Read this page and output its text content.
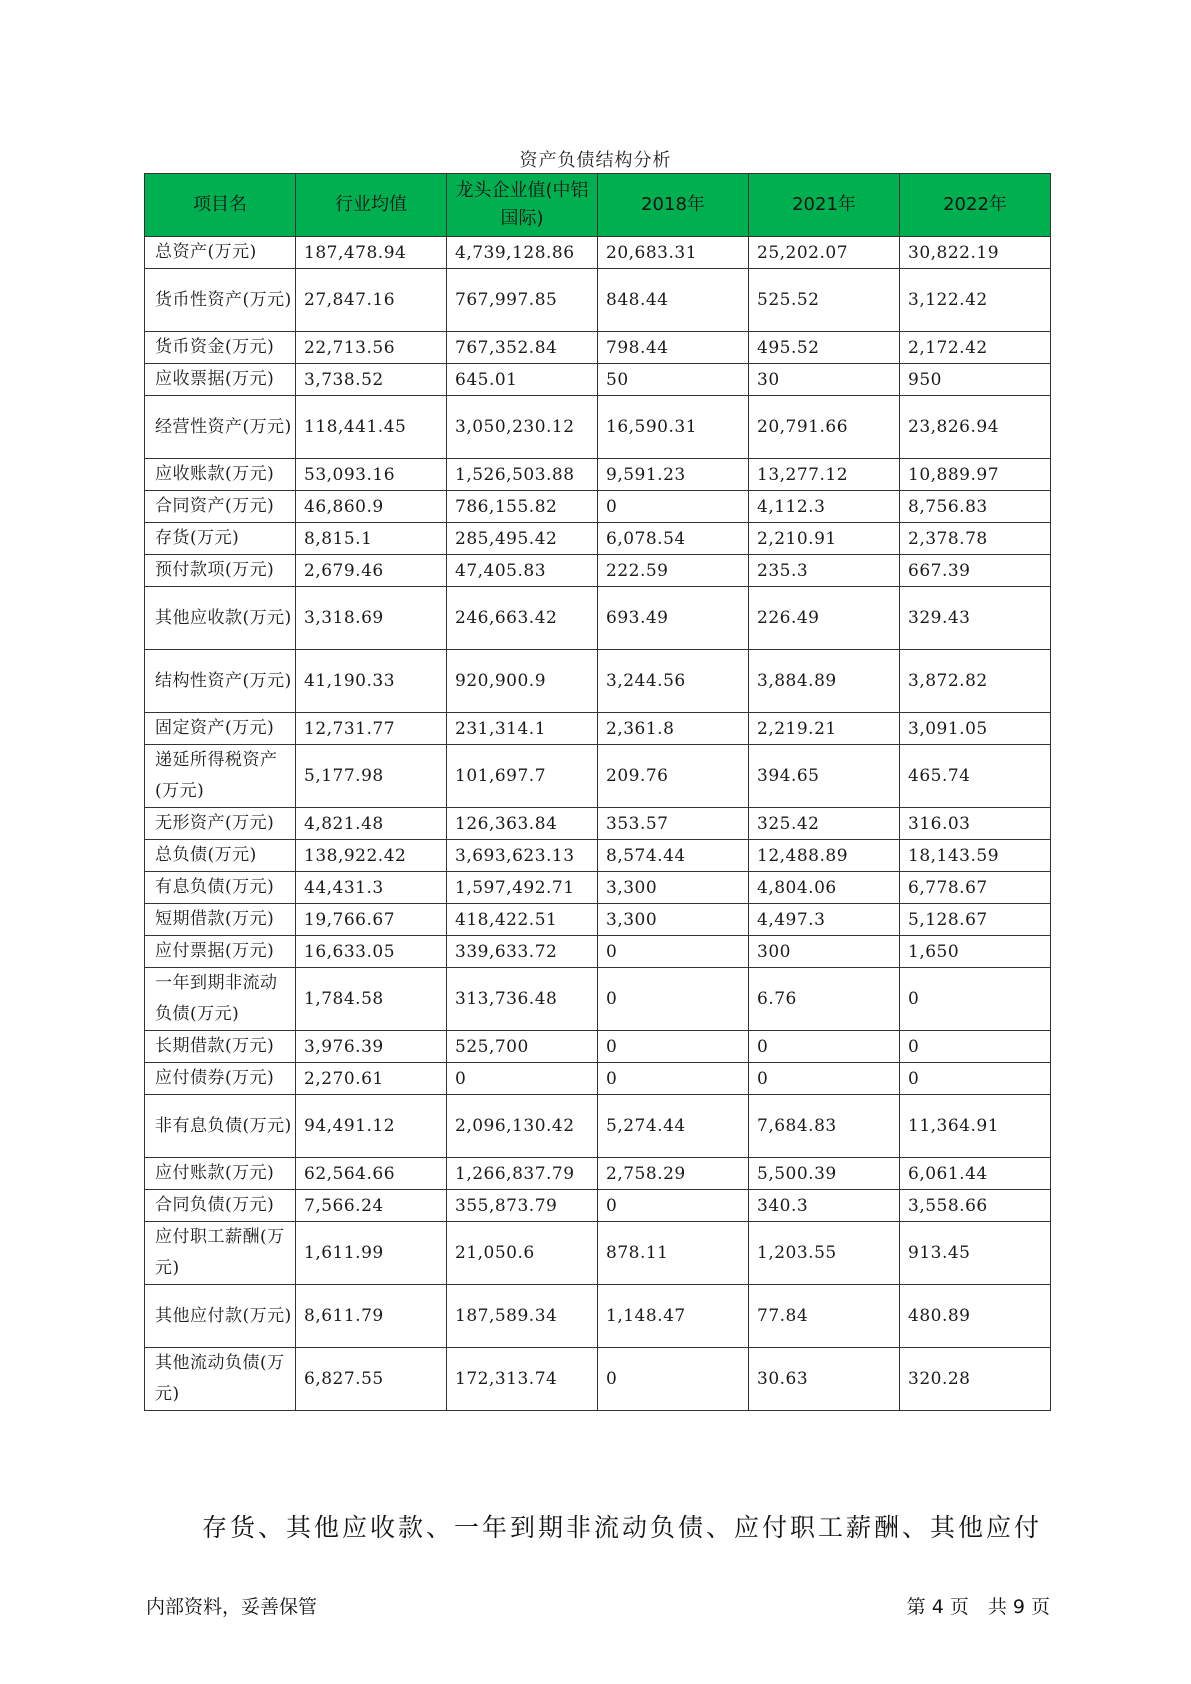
资产负债结构分析
项目名	行业均值	龙头企业值(中铝国际)	2018年	2021年	2022年
总资产(万元)	187,478.94	4,739,128.86	20,683.31	25,202.07	30,822.19
货币性资产(万元)	27,847.16	767,997.85	848.44	525.52	3,122.42
货币资金(万元)	22,713.56	767,352.84	798.44	495.52	2,172.42
应收票据(万元)	3,738.52	645.01	50	30	950
经营性资产(万元)	118,441.45	3,050,230.12	16,590.31	20,791.66	23,826.94
应收账款(万元)	53,093.16	1,526,503.88	9,591.23	13,277.12	10,889.97
合同资产(万元)	46,860.9	786,155.82	0	4,112.3	8,756.83
存货(万元)	8,815.1	285,495.42	6,078.54	2,210.91	2,378.78
预付款项(万元)	2,679.46	47,405.83	222.59	235.3	667.39
其他应收款(万元)	3,318.69	246,663.42	693.49	226.49	329.43
结构性资产(万元)	41,190.33	920,900.9	3,244.56	3,884.89	3,872.82
固定资产(万元)	12,731.77	231,314.1	2,361.8	2,219.21	3,091.05
递延所得税资产(万元)	5,177.98	101,697.7	209.76	394.65	465.74
无形资产(万元)	4,821.48	126,363.84	353.57	325.42	316.03
总负债(万元)	138,922.42	3,693,623.13	8,574.44	12,488.89	18,143.59
有息负债(万元)	44,431.3	1,597,492.71	3,300	4,804.06	6,778.67
短期借款(万元)	19,766.67	418,422.51	3,300	4,497.3	5,128.67
应付票据(万元)	16,633.05	339,633.72	0	300	1,650
一年到期非流动负债(万元)	1,784.58	313,736.48	0	6.76	0
长期借款(万元)	3,976.39	525,700	0	0	0
应付债券(万元)	2,270.61	0	0	0	0
非有息负债(万元)	94,491.12	2,096,130.42	5,274.44	7,684.83	11,364.91
应付账款(万元)	62,564.66	1,266,837.79	2,758.29	5,500.39	6,061.44
合同负债(万元)	7,566.24	355,873.79	0	340.3	3,558.66
应付职工薪酬(万元)	1,611.99	21,050.6	878.11	1,203.55	913.45
其他应付款(万元)	8,611.79	187,589.34	1,148.47	77.84	480.89
其他流动负债(万元)	6,827.55	172,313.74	0	30.63	320.28
存货、其他应收款、一年到期非流动负债、应付职工薪酬、其他应付
内部资料，妥善保管	第 4 页　共 9 页
